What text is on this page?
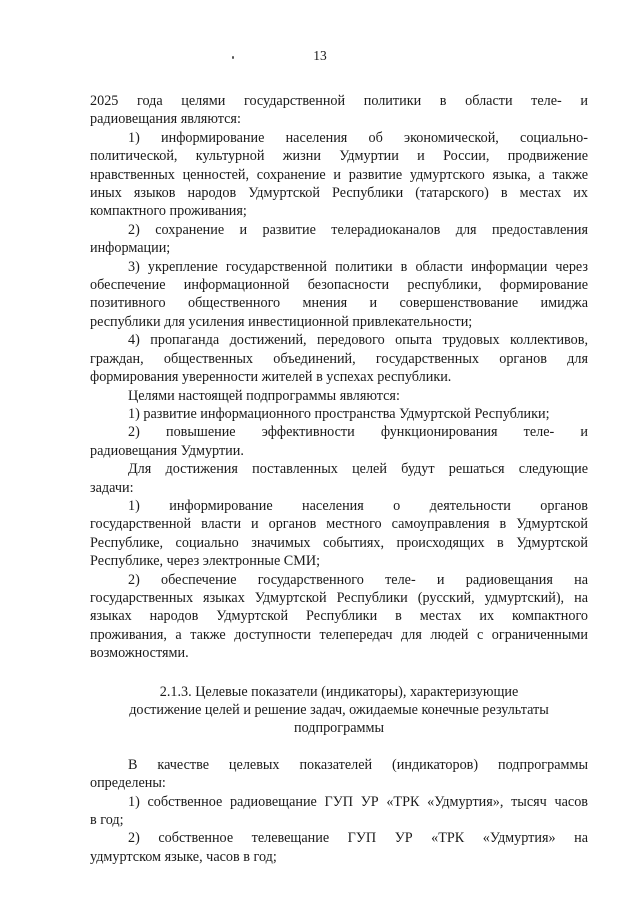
13

2025 года целями государственной политики в области теле- и

радиовещания являются:

1) информирование населения об экономической, социально-

политической, культурной жизни Удмуртии и России, продвижение

нравственных ценностей, сохранение и развитие удмуртского языка, а также

иных языков народов Удмуртской Республики (татарского) в местах их

компактного проживания;

2) сохранение и развитие телерадиоканалов для предоставления

информации;

3) укрепление государственной политики в области информации через

обеспечение информационной безопасности республики, формирование

позитивного общественного мнения и совершенствование имиджа

республики для усиления инвестиционной привлекательности;

4) пропаганда достижений, передового опыта трудовых коллективов,

граждан, общественных объединений, государственных органов для

формирования уверенности жителей в успехах республики.

Целями настоящей подпрограммы являются:

1) развитие информационного пространства Удмуртской Республики;

2) повышение эффективности функционирования теле- и

радиовещания Удмуртии.

Для достижения поставленных целей будут решаться следующие

задачи:

1) информирование населения о деятельности органов

государственной власти и органов местного самоуправления в Удмуртской

Республике, социально значимых событиях, происходящих в Удмуртской

Республике, через электронные СМИ;

2) обеспечение государственного теле- и радиовещания на

государственных языках Удмуртской Республики (русский, удмуртский), на

языках народов Удмуртской Республики в местах их компактного

проживания, а также доступности телепередач для людей с ограниченными

возможностями.

2.1.3. Целевые показатели (индикаторы), характеризующие

достижение целей и решение задач, ожидаемые конечные результаты

подпрограммы

В качестве целевых показателей (индикаторов) подпрограммы

определены:

1) собственное радиовещание ГУП УР «ТРК «Удмуртия», тысяч часов

в год;

2) собственное телевещание ГУП УР «ТРК «Удмуртия» на

удмуртском языке, часов в год;
